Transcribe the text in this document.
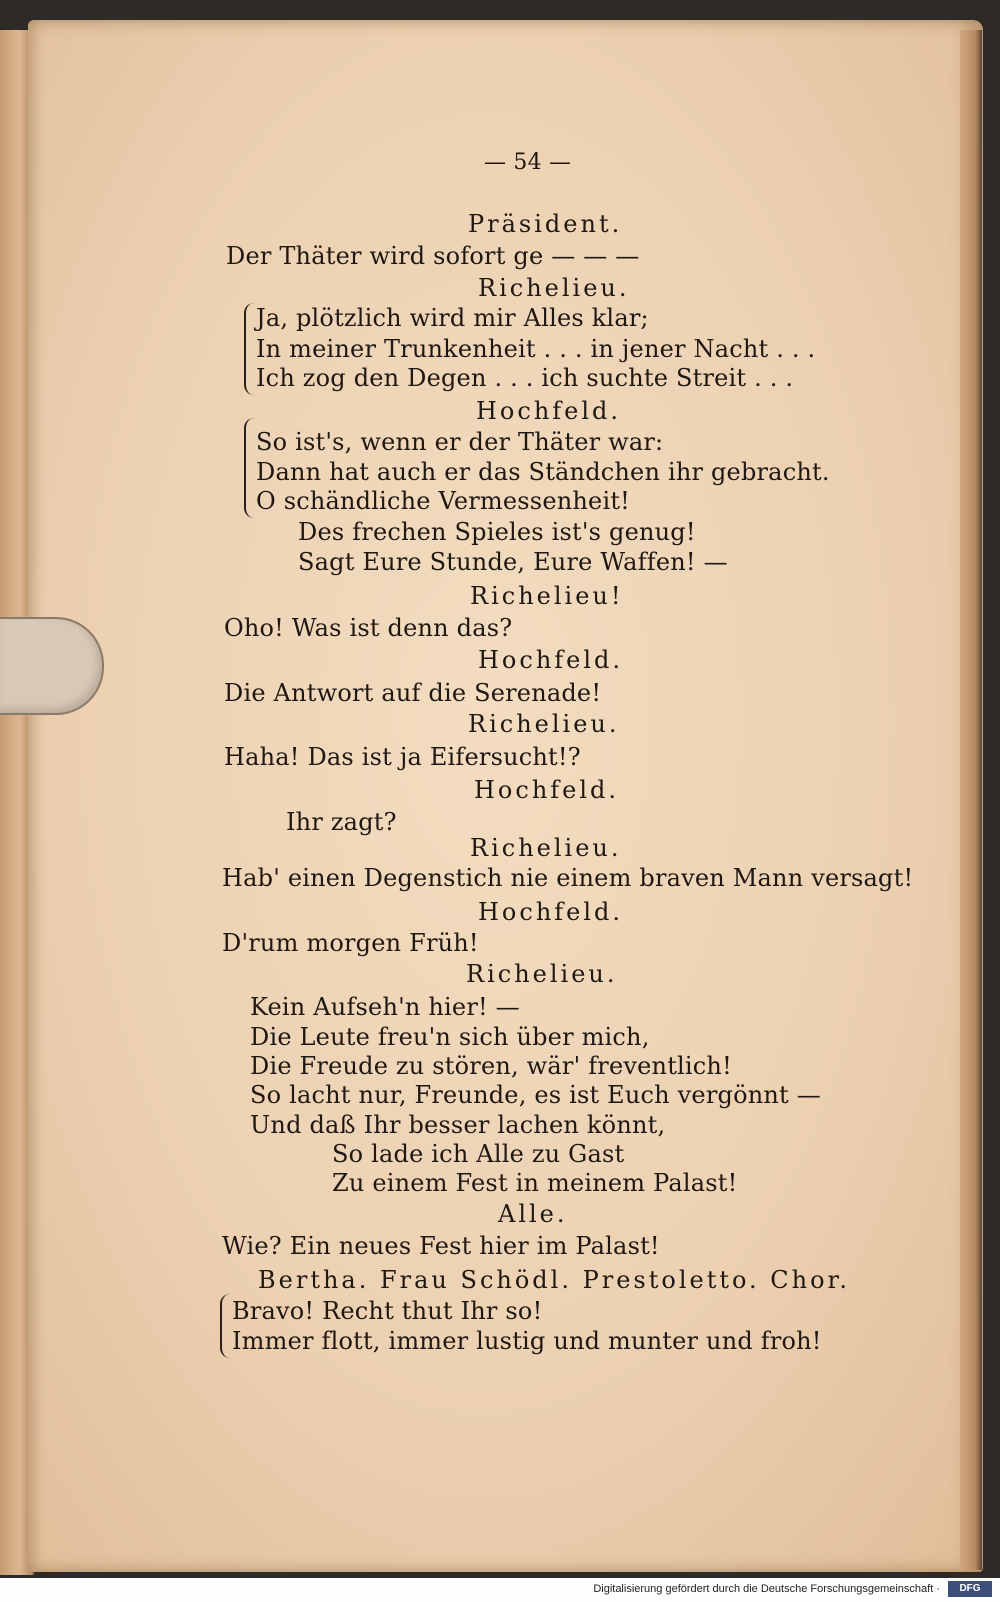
— 54 —
Präsident.
Der Thäter wird sofort ge — — —
Richelieu.
Ja, plötzlich wird mir Alles klar;
In meiner Trunkenheit . . . in jener Nacht . . .
Ich zog den Degen . . . ich suchte Streit . . .
Hochfeld.
So ist's, wenn er der Thäter war:
Dann hat auch er das Ständchen ihr gebracht.
O schändliche Vermessenheit!
Des frechen Spieles ist's genug!
Sagt Eure Stunde, Eure Waffen! —
Richelieu!
Oho! Was ist denn das?
Hochfeld.
Die Antwort auf die Serenade!
Richelieu.
Haha! Das ist ja Eifersucht!?
Hochfeld.
Ihr zagt?
Richelieu.
Hab' einen Degenstich nie einem braven Mann versagt!
Hochfeld.
D'rum morgen Früh!
Richelieu.
Kein Aufseh'n hier! —
Die Leute freu'n sich über mich,
Die Freude zu stören, wär' freventlich!
So lacht nur, Freunde, es ist Euch vergönnt —
Und daß Ihr besser lachen könnt,
So lade ich Alle zu Gast
Zu einem Fest in meinem Palast!
Alle.
Wie? Ein neues Fest hier im Palast!
Bertha. Frau Schödl. Prestoletto. Chor.
Bravo! Recht thut Ihr so!
Immer flott, immer lustig und munter und froh!
Digitalisierung gefördert durch die Deutsche Forschungsgemeinschaft ·	DFG
